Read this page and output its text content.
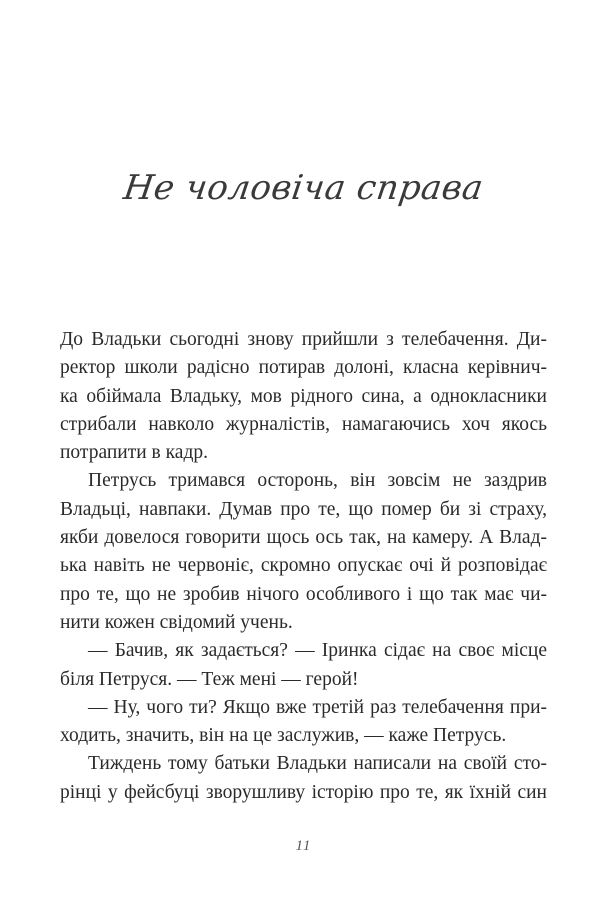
Не чоловіча справа
До Владьки сьогодні знову прийшли з телебачення. Ди-
ректор школи радісно потирав долоні, класна керівнич-
ка обіймала Владьку, мов рідного сина, а однокласники
стрибали навколо журналістів, намагаючись хоч якось
потрапити в кадр.
Петрусь тримався осторонь, він зовсім не заздрив
Владьці, навпаки. Думав про те, що помер би зі страху,
якби довелося говорити щось ось так, на камеру. А Влад-
ька навіть не червоніє, скромно опускає очі й розповідає
про те, що не зробив нічого особливого і що так має чи-
нити кожен свідомий учень.
— Бачив, як задається? — Іринка сідає на своє місце
біля Петруся. — Теж мені — герой!
— Ну, чого ти? Якщо вже третій раз телебачення при-
ходить, значить, він на це заслужив, — каже Петрусь.
Тиждень тому батьки Владьки написали на своїй сто-
рінці у фейсбуці зворушливу історію про те, як їхній син
11
